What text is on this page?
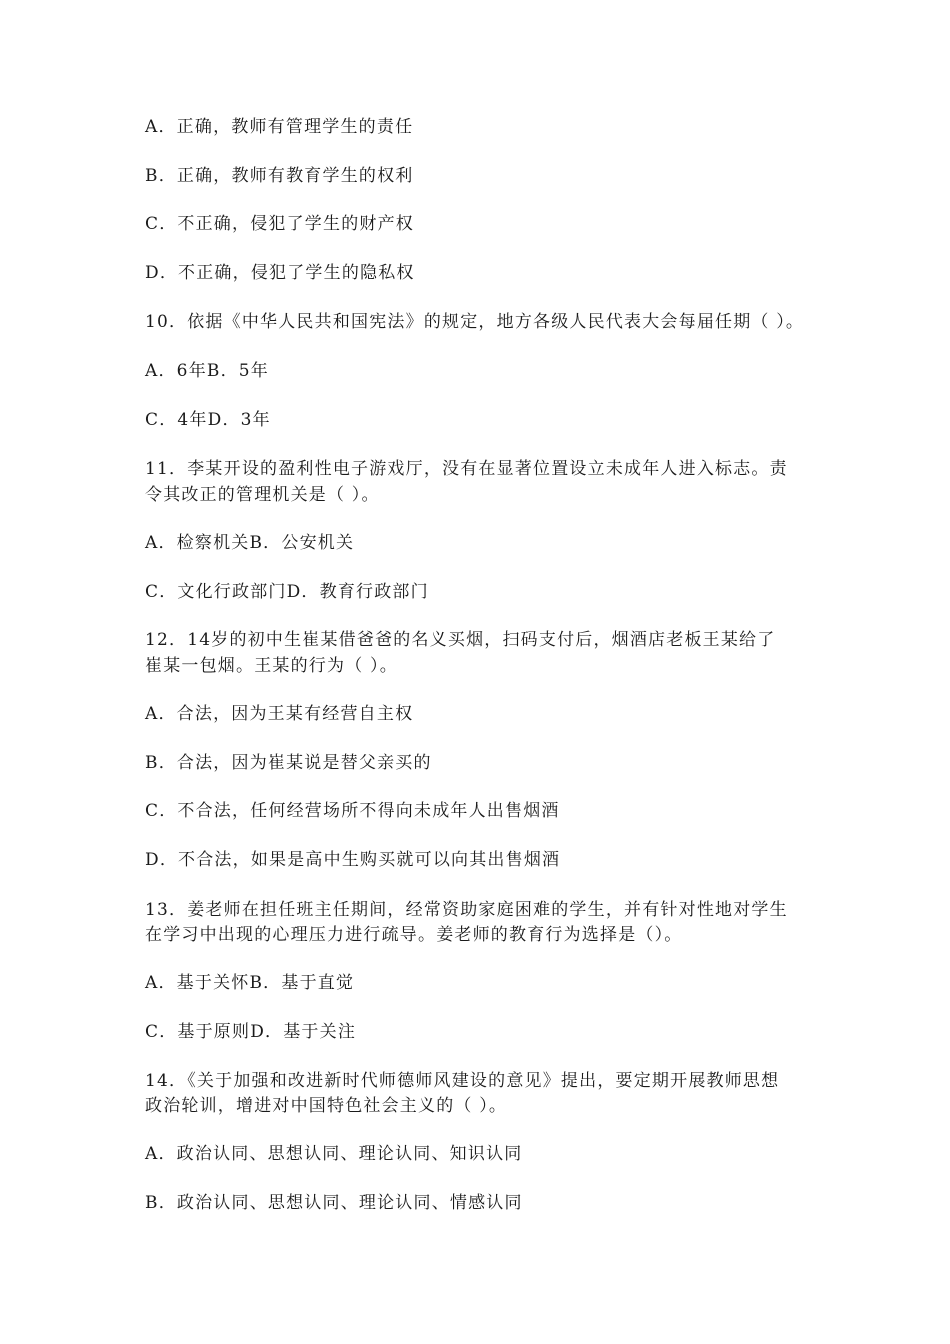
A．正确，教师有管理学生的责任
B．正确，教师有教育学生的权利
C．不正确，侵犯了学生的财产权
D．不正确，侵犯了学生的隐私权
10．依据《中华人民共和国宪法》的规定，地方各级人民代表大会每届任期（ ）。
A．6年B．5年
C．4年D．3年
11．李某开设的盈利性电子游戏厅，没有在显著位置设立未成年人进入标志。责
令其改正的管理机关是（ ）。
A．检察机关B．公安机关
C．文化行政部门D．教育行政部门
12．14岁的初中生崔某借爸爸的名义买烟，扫码支付后，烟酒店老板王某给了
崔某一包烟。王某的行为（ ）。
A．合法，因为王某有经营自主权
B．合法，因为崔某说是替父亲买的
C．不合法，任何经营场所不得向未成年人出售烟酒
D．不合法，如果是高中生购买就可以向其出售烟酒
13．姜老师在担任班主任期间，经常资助家庭困难的学生，并有针对性地对学生
在学习中出现的心理压力进行疏导。姜老师的教育行为选择是（）。
A．基于关怀B．基于直觉
C．基于原则D．基于关注
14．《关于加强和改进新时代师德师风建设的意见》提出，要定期开展教师思想
政治轮训，增进对中国特色社会主义的（ ）。
A．政治认同、思想认同、理论认同、知识认同
B．政治认同、思想认同、理论认同、情感认同
